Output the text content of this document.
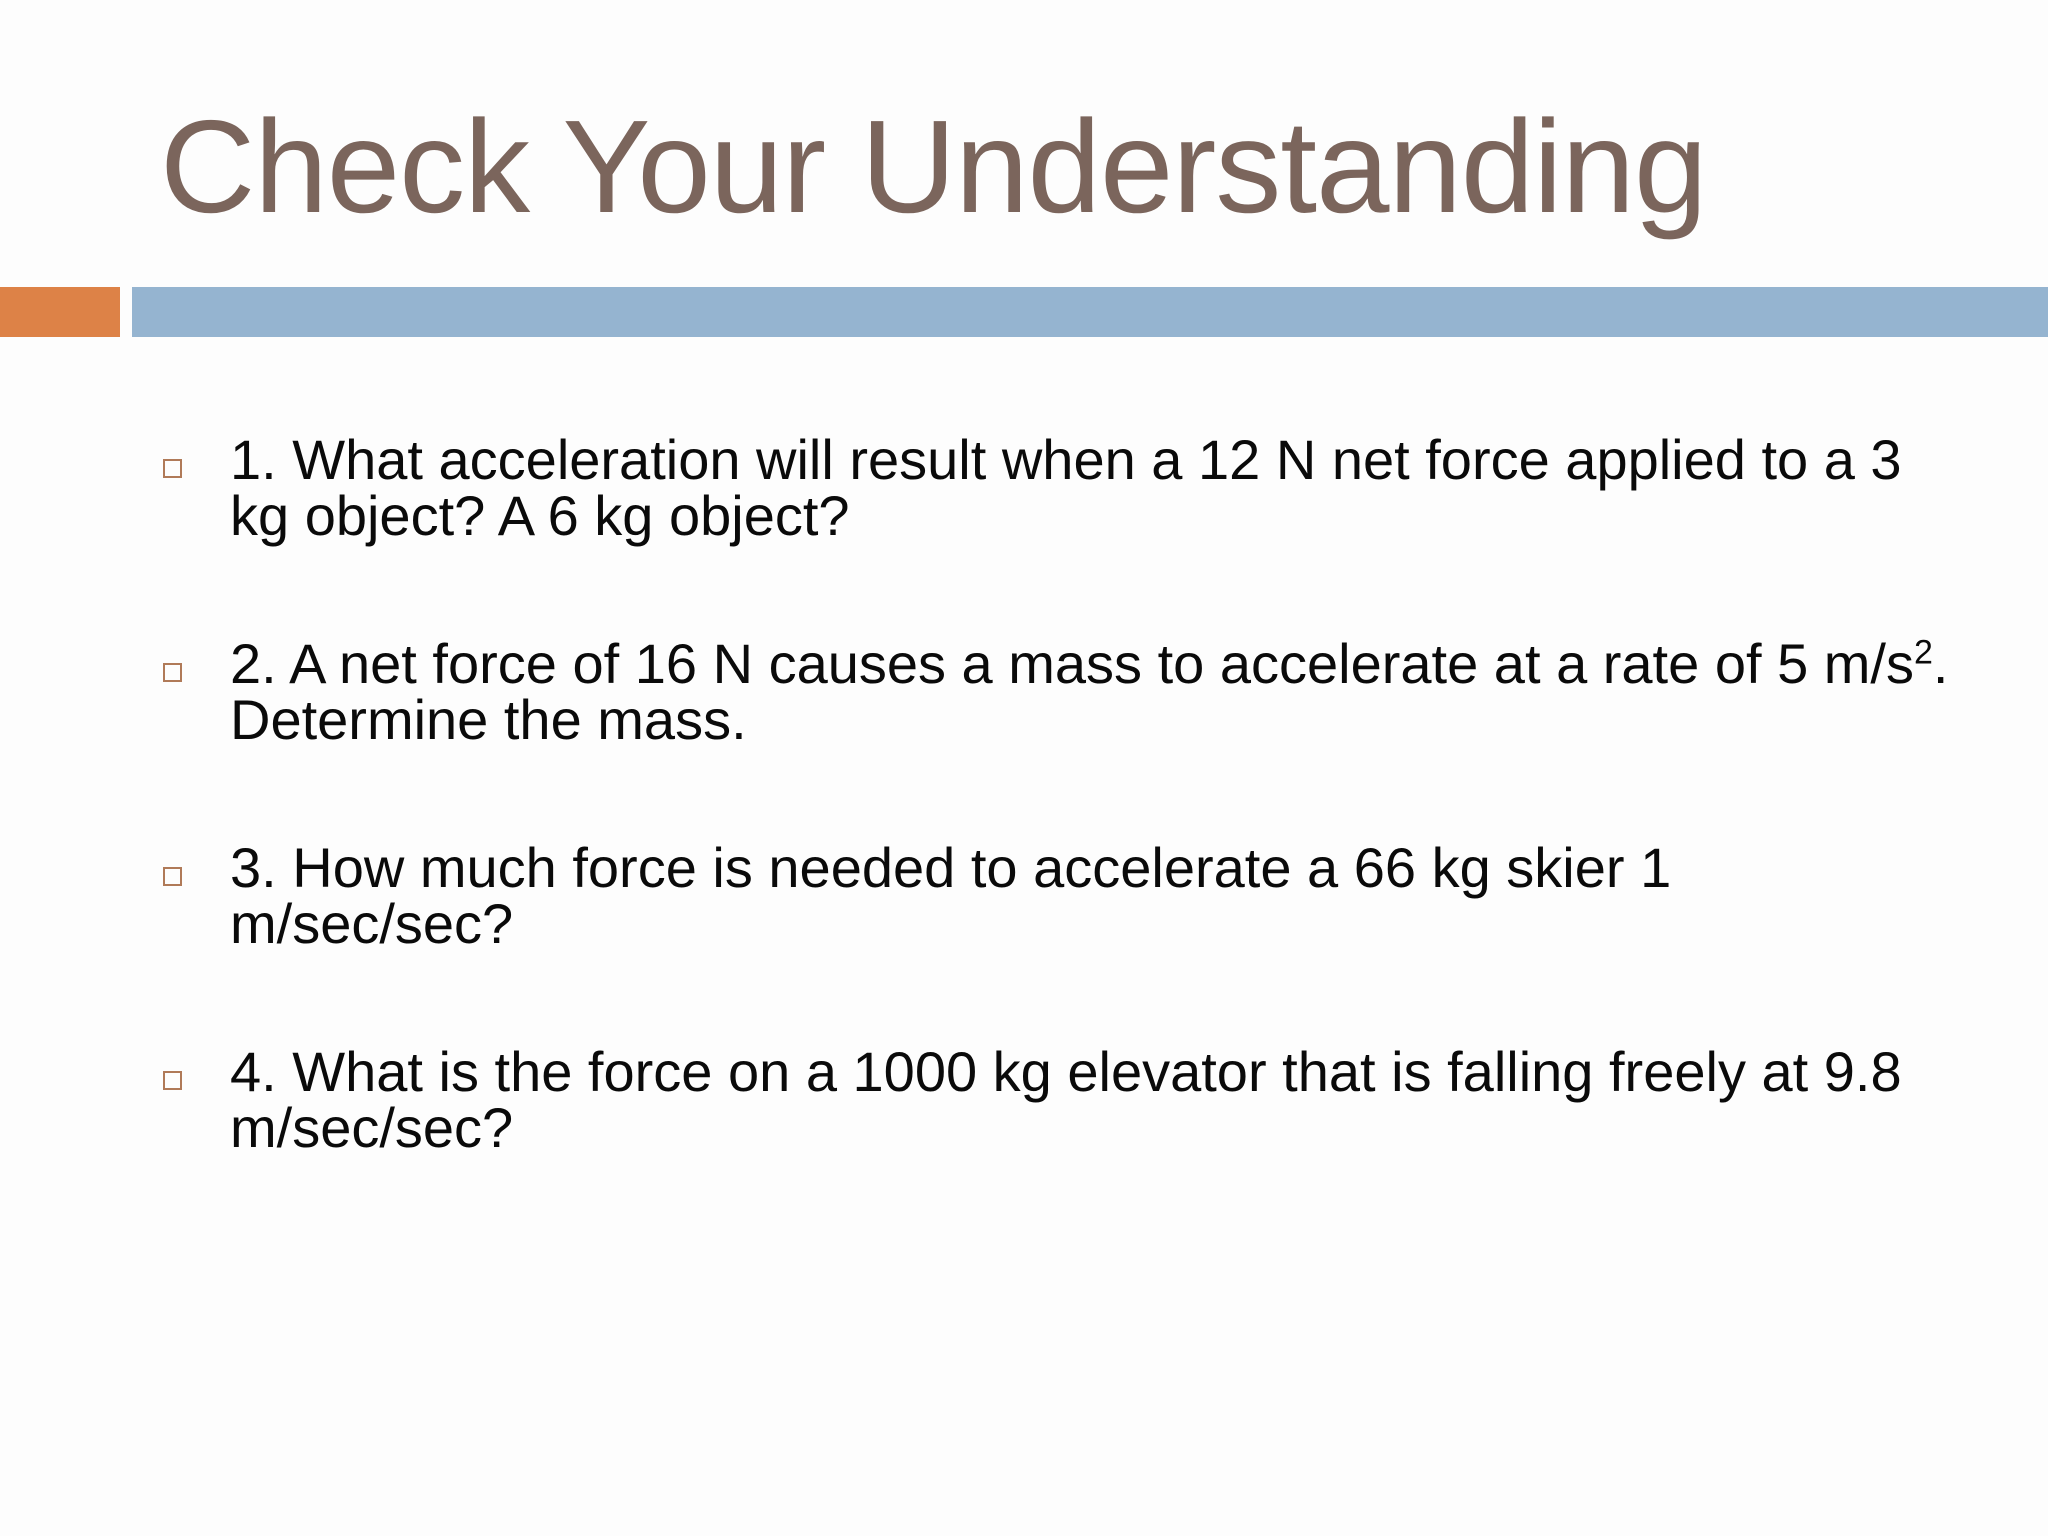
Check Your Understanding
1. What acceleration will result when a 12 N net force applied to a 3 kg object? A 6 kg object?
2. A net force of 16 N causes a mass to accelerate at a rate of 5 $m/s^2$. Determine the mass.
3. How much force is needed to accelerate a 66 kg skier 1 m/sec/sec?
4. What is the force on a 1000 kg elevator that is falling freely at 9.8 m/sec/sec?
